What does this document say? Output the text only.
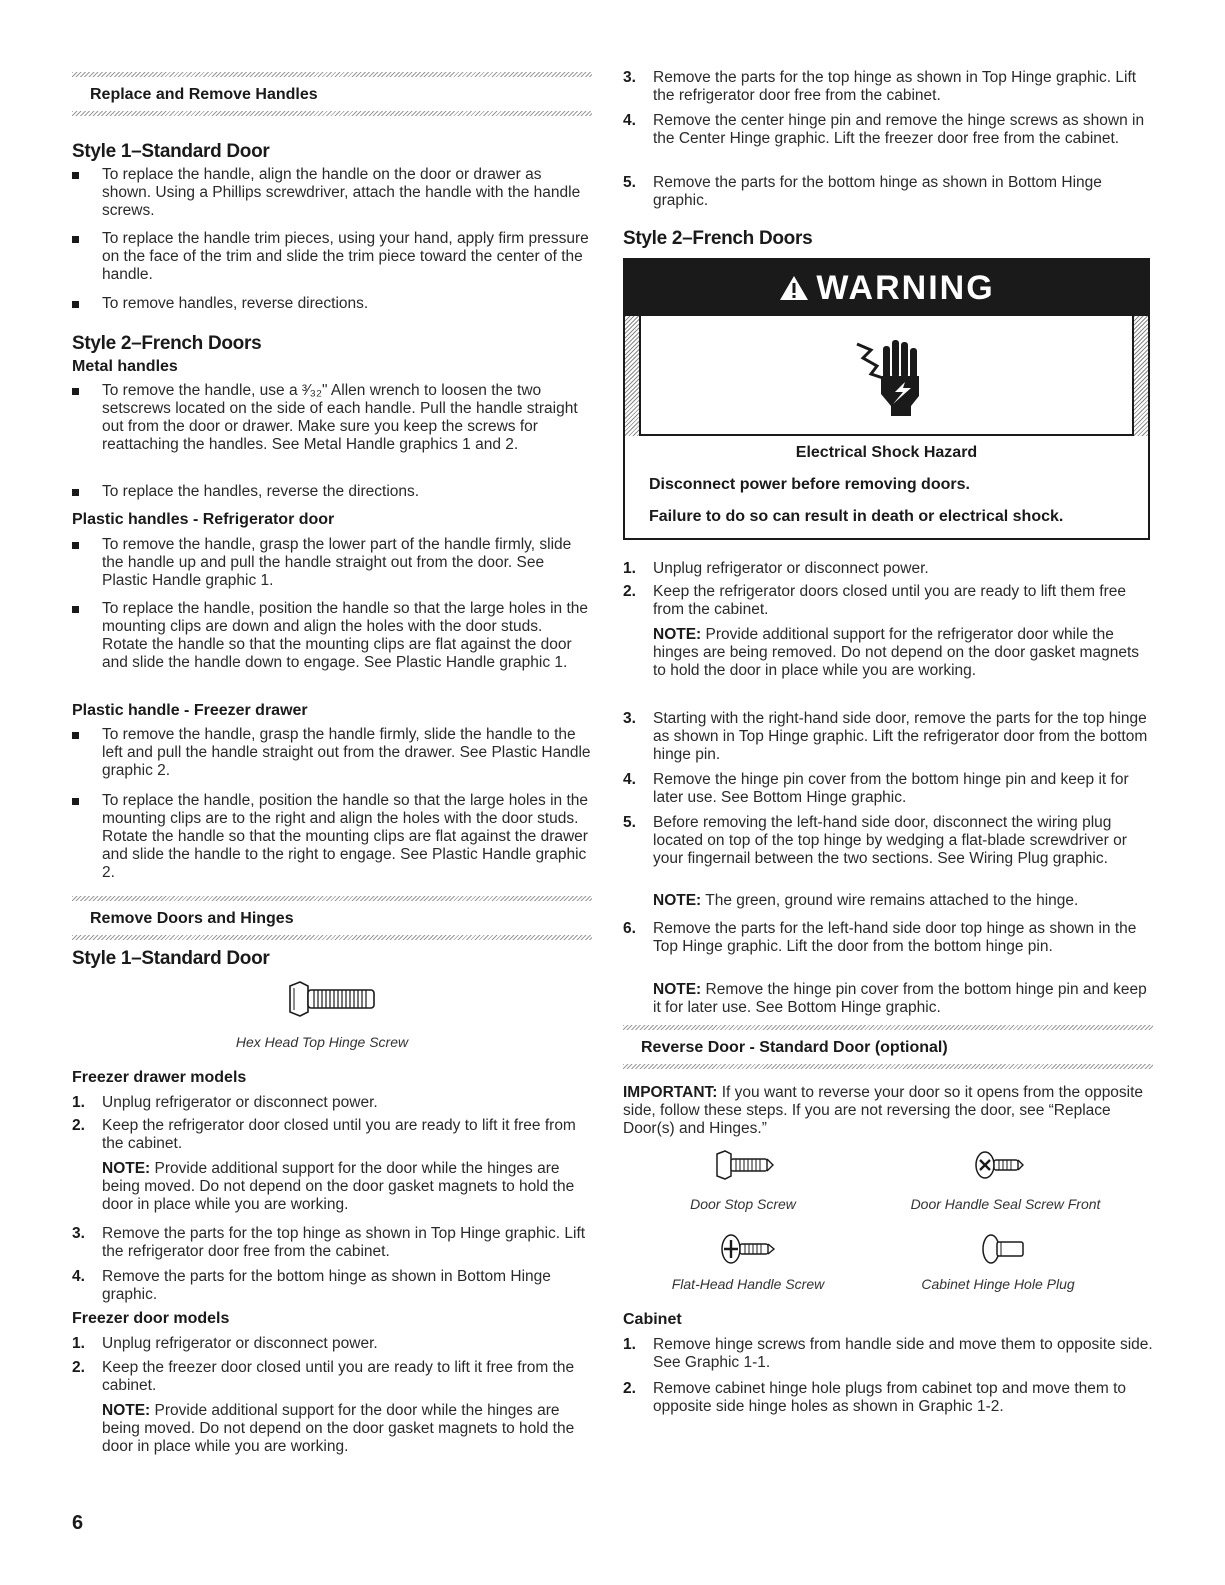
Replace and Remove Handles
Style 1–Standard Door
To replace the handle, align the handle on the door or drawer as shown. Using a Phillips screwdriver, attach the handle with the handle screws.
To replace the handle trim pieces, using your hand, apply firm pressure on the face of the trim and slide the trim piece toward the center of the handle.
To remove handles, reverse directions.
Style 2–French Doors
Metal handles
To remove the handle, use a ³⁄₃₂" Allen wrench to loosen the two setscrews located on the side of each handle. Pull the handle straight out from the door or drawer. Make sure you keep the screws for reattaching the handles. See Metal Handle graphics 1 and 2.
To replace the handles, reverse the directions.
Plastic handles - Refrigerator door
To remove the handle, grasp the lower part of the handle firmly, slide the handle up and pull the handle straight out from the door. See Plastic Handle graphic 1.
To replace the handle, position the handle so that the large holes in the mounting clips are down and align the holes with the door studs. Rotate the handle so that the mounting clips are flat against the door and slide the handle down to engage. See Plastic Handle graphic 1.
Plastic handle - Freezer drawer
To remove the handle, grasp the handle firmly, slide the handle to the left and pull the handle straight out from the drawer. See Plastic Handle graphic 2.
To replace the handle, position the handle so that the large holes in the mounting clips are to the right and align the holes with the door studs. Rotate the handle so that the mounting clips are flat against the drawer and slide the handle to the right to engage. See Plastic Handle graphic 2.
Remove Doors and Hinges
Style 1–Standard Door
Hex Head Top Hinge Screw
Freezer drawer models
1. Unplug refrigerator or disconnect power.
2. Keep the refrigerator door closed until you are ready to lift it free from the cabinet.
NOTE: Provide additional support for the door while the hinges are being moved. Do not depend on the door gasket magnets to hold the door in place while you are working.
3. Remove the parts for the top hinge as shown in Top Hinge graphic. Lift the refrigerator door free from the cabinet.
4. Remove the parts for the bottom hinge as shown in Bottom Hinge graphic.
Freezer door models
1. Unplug refrigerator or disconnect power.
2. Keep the freezer door closed until you are ready to lift it free from the cabinet.
NOTE: Provide additional support for the door while the hinges are being moved. Do not depend on the door gasket magnets to hold the door in place while you are working.
6
3. Remove the parts for the top hinge as shown in Top Hinge graphic. Lift the refrigerator door free from the cabinet.
4. Remove the center hinge pin and remove the hinge screws as shown in the Center Hinge graphic. Lift the freezer door free from the cabinet.
5. Remove the parts for the bottom hinge as shown in Bottom Hinge graphic.
Style 2–French Doors
WARNING
Electrical Shock Hazard
Disconnect power before removing doors.
Failure to do so can result in death or electrical shock.
1. Unplug refrigerator or disconnect power.
2. Keep the refrigerator doors closed until you are ready to lift them free from the cabinet.
NOTE: Provide additional support for the refrigerator door while the hinges are being removed. Do not depend on the door gasket magnets to hold the door in place while you are working.
3. Starting with the right-hand side door, remove the parts for the top hinge as shown in Top Hinge graphic. Lift the refrigerator door from the bottom hinge pin.
4. Remove the hinge pin cover from the bottom hinge pin and keep it for later use. See Bottom Hinge graphic.
5. Before removing the left-hand side door, disconnect the wiring plug located on top of the top hinge by wedging a flat-blade screwdriver or your fingernail between the two sections. See Wiring Plug graphic.
NOTE: The green, ground wire remains attached to the hinge.
6. Remove the parts for the left-hand side door top hinge as shown in the Top Hinge graphic. Lift the door from the bottom hinge pin.
NOTE: Remove the hinge pin cover from the bottom hinge pin and keep it for later use. See Bottom Hinge graphic.
Reverse Door - Standard Door (optional)
IMPORTANT: If you want to reverse your door so it opens from the opposite side, follow these steps. If you are not reversing the door, see “Replace Door(s) and Hinges.”
Door Stop Screw	Door Handle Seal Screw Front
Flat-Head Handle Screw	Cabinet Hinge Hole Plug
Cabinet
1. Remove hinge screws from handle side and move them to opposite side. See Graphic 1-1.
2. Remove cabinet hinge hole plugs from cabinet top and move them to opposite side hinge holes as shown in Graphic 1-2.
